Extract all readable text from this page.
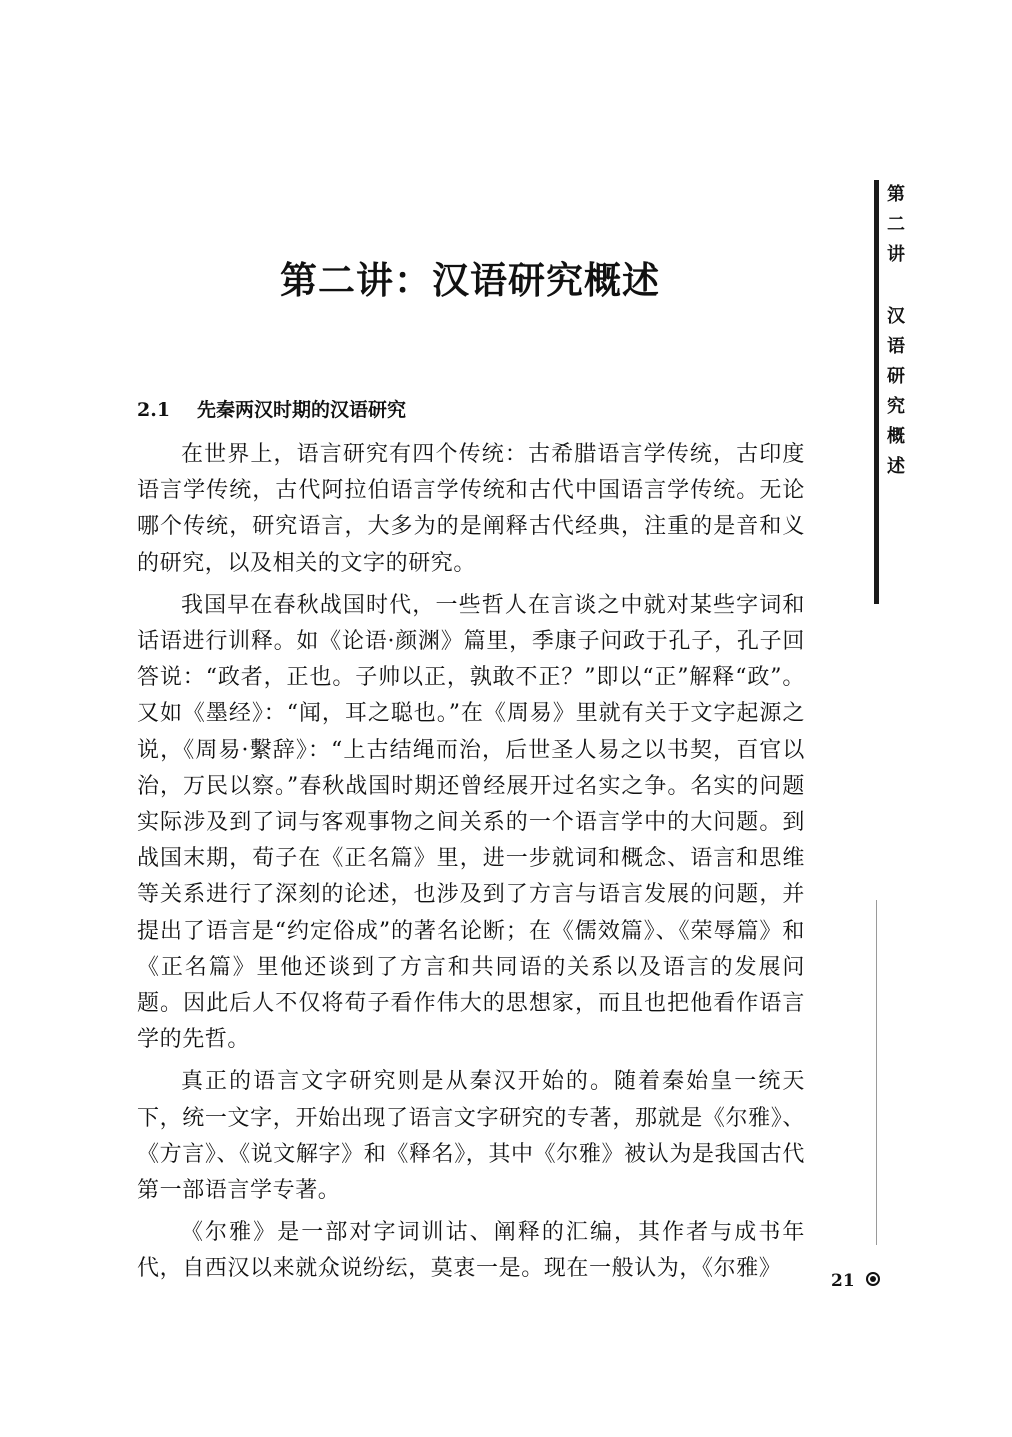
第二讲：汉语研究概述
2.1 先秦两汉时期的汉语研究

在世界上，语言研究有四个传统：古希腊语言学传统，古印度语言学传统，古代阿拉伯语言学传统和古代中国语言学传统。无论哪个传统，研究语言，大多为的是阐释古代经典，注重的是音和义的研究，以及相关的文字的研究。

我国早在春秋战国时代，一些哲人在言谈之中就对某些字词和话语进行训释。如《论语·颜渊》篇里，季康子问政于孔子，孔子回答说：“政者，正也。子帅以正，孰敢不正？”即以“正”解释“政”。又如《墨经》：“闻，耳之聪也。”在《周易》里就有关于文字起源之说，《周易·繫辞》：“上古结绳而治，后世圣人易之以书契，百官以治，万民以察。”春秋战国时期还曾经展开过名实之争。名实的问题实际涉及到了词与客观事物之间关系的一个语言学中的大问题。到战国末期，荀子在《正名篇》里，进一步就词和概念、语言和思维等关系进行了深刻的论述，也涉及到了方言与语言发展的问题，并提出了语言是“约定俗成”的著名论断；在《儒效篇》、《荣辱篇》和《正名篇》里他还谈到了方言和共同语的关系以及语言的发展问题。因此后人不仅将荀子看作伟大的思想家，而且也把他看作语言学的先哲。

真正的语言文字研究则是从秦汉开始的。随着秦始皇一统天下，统一文字，开始出现了语言文字研究的专著，那就是《尔雅》、《方言》、《说文解字》和《释名》，其中《尔雅》被认为是我国古代第一部语言学专著。

《尔雅》是一部对字词训诂、阐释的汇编，其作者与成书年代，自西汉以来就众说纷纭，莫衷一是。现在一般认为，《尔雅》

第
二
讲
汉
语
研
究
概
述
21
